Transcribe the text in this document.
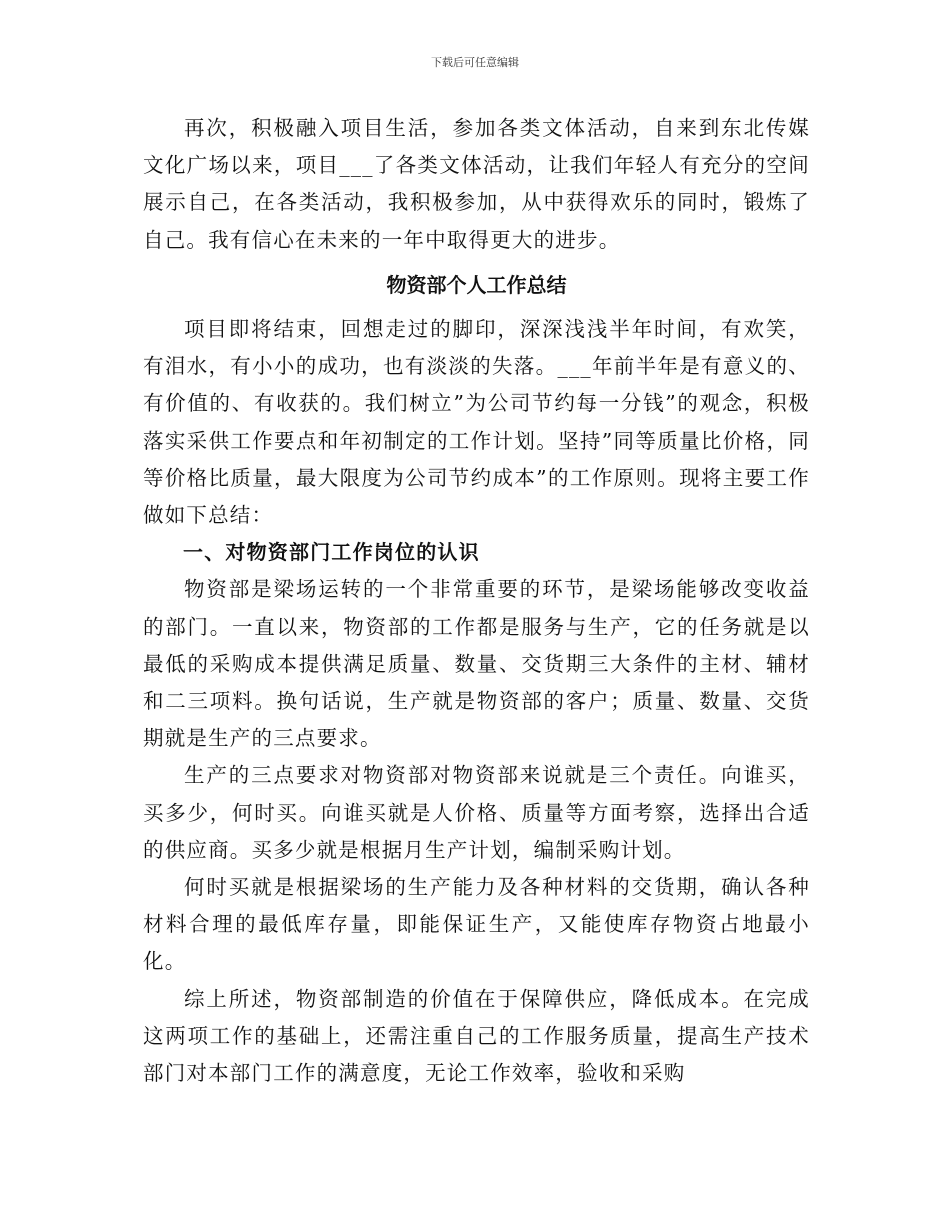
下载后可任意编辑

再次，积极融入项目生活，参加各类文体活动，自来到东北传媒文化广场以来，项目___了各类文体活动，让我们年轻人有充分的空间展示自己，在各类活动，我积极参加，从中获得欢乐的同时，锻炼了自己。我有信心在未来的一年中取得更大的进步。

物资部个人工作总结

项目即将结束，回想走过的脚印，深深浅浅半年时间，有欢笑，有泪水，有小小的成功，也有淡淡的失落。___年前半年是有意义的、有价值的、有收获的。我们树立”为公司节约每一分钱”的观念，积极落实采供工作要点和年初制定的工作计划。坚持”同等质量比价格，同等价格比质量，最大限度为公司节约成本”的工作原则。现将主要工作做如下总结：

一、对物资部门工作岗位的认识

物资部是梁场运转的一个非常重要的环节，是梁场能够改变收益的部门。一直以来，物资部的工作都是服务与生产，它的任务就是以最低的采购成本提供满足质量、数量、交货期三大条件的主材、辅材和二三项料。换句话说，生产就是物资部的客户；质量、数量、交货期就是生产的三点要求。

生产的三点要求对物资部对物资部来说就是三个责任。向谁买，买多少，何时买。向谁买就是人价格、质量等方面考察，选择出合适的供应商。买多少就是根据月生产计划，编制采购计划。

何时买就是根据梁场的生产能力及各种材料的交货期，确认各种材料合理的最低库存量，即能保证生产，又能使库存物资占地最小化。

综上所述，物资部制造的价值在于保障供应，降低成本。在完成这两项工作的基础上，还需注重自己的工作服务质量，提高生产技术部门对本部门工作的满意度，无论工作效率，验收和采购
